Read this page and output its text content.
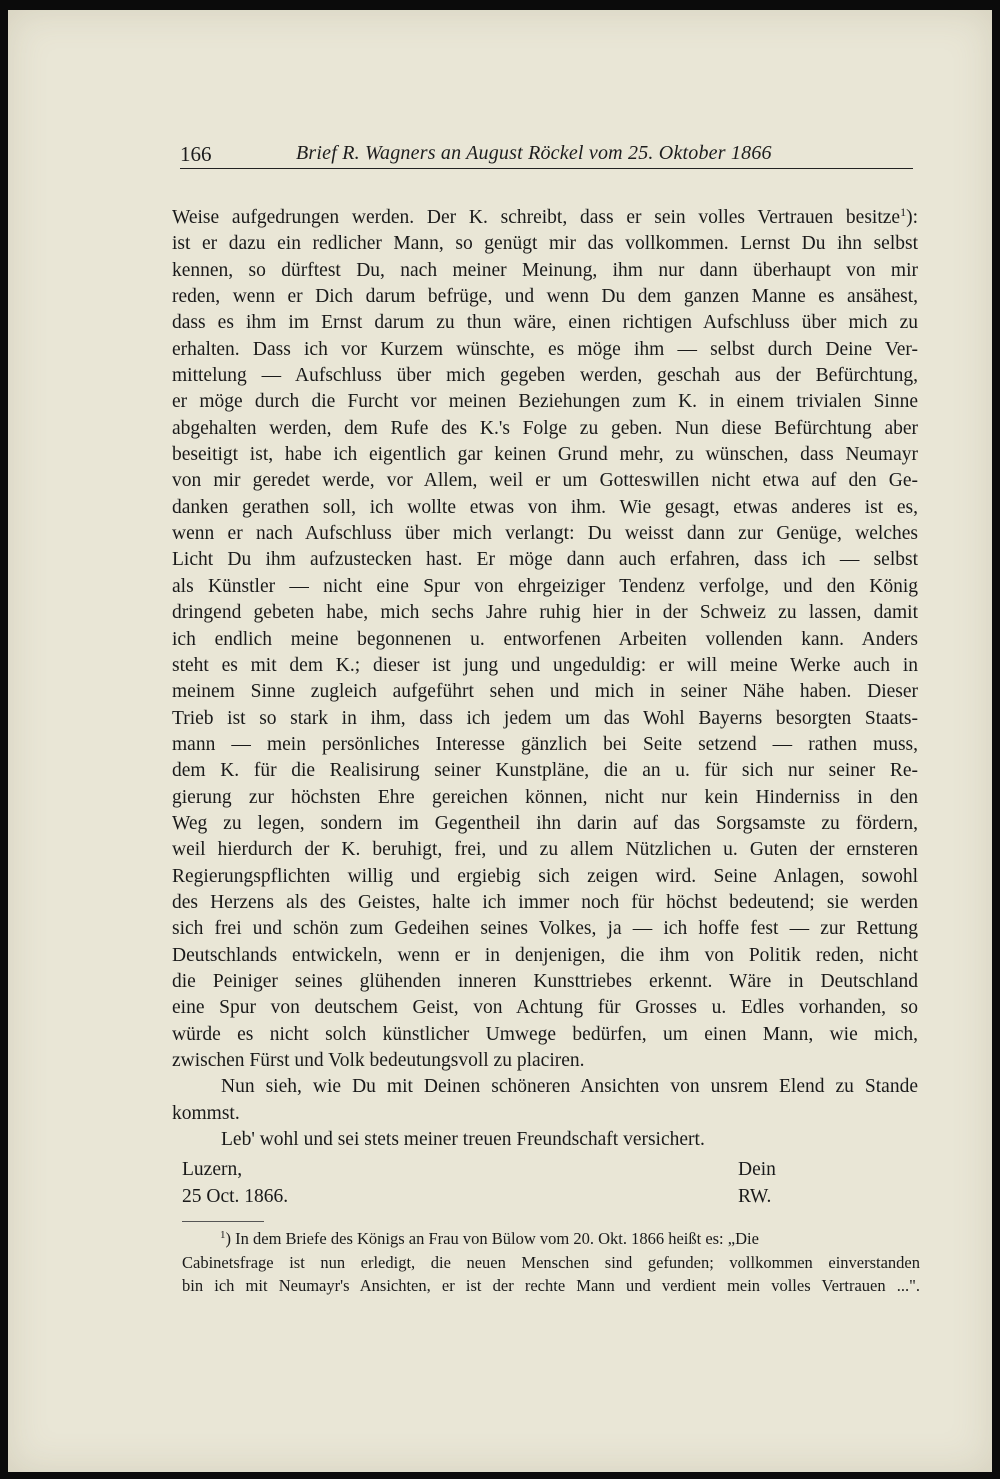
166	Brief R. Wagners an August Röckel vom 25. Oktober 1866
Weise aufgedrungen werden. Der K. schreibt, dass er sein volles Vertrauen besitze$^1$):
ist er dazu ein redlicher Mann, so genügt mir das vollkommen. Lernst Du ihn selbst
kennen, so dürftest Du, nach meiner Meinung, ihm nur dann überhaupt von mir
reden, wenn er Dich darum befrüge, und wenn Du dem ganzen Manne es ansähest,
dass es ihm im Ernst darum zu thun wäre, einen richtigen Aufschluss über mich zu
erhalten. Dass ich vor Kurzem wünschte, es möge ihm — selbst durch Deine Ver-
mittelung — Aufschluss über mich gegeben werden, geschah aus der Befürchtung,
er möge durch die Furcht vor meinen Beziehungen zum K. in einem trivialen Sinne
abgehalten werden, dem Rufe des K.'s Folge zu geben. Nun diese Befürchtung aber
beseitigt ist, habe ich eigentlich gar keinen Grund mehr, zu wünschen, dass Neumayr
von mir geredet werde, vor Allem, weil er um Gotteswillen nicht etwa auf den Ge-
danken gerathen soll, ich wollte etwas von ihm. Wie gesagt, etwas anderes ist es,
wenn er nach Aufschluss über mich verlangt: Du weisst dann zur Genüge, welches
Licht Du ihm aufzustecken hast. Er möge dann auch erfahren, dass ich — selbst
als Künstler — nicht eine Spur von ehrgeiziger Tendenz verfolge, und den König
dringend gebeten habe, mich sechs Jahre ruhig hier in der Schweiz zu lassen, damit
ich endlich meine begonnenen u. entworfenen Arbeiten vollenden kann. Anders
steht es mit dem K.; dieser ist jung und ungeduldig: er will meine Werke auch in
meinem Sinne zugleich aufgeführt sehen und mich in seiner Nähe haben. Dieser
Trieb ist so stark in ihm, dass ich jedem um das Wohl Bayerns besorgten Staats-
mann — mein persönliches Interesse gänzlich bei Seite setzend — rathen muss,
dem K. für die Realisirung seiner Kunstpläne, die an u. für sich nur seiner Re-
gierung zur höchsten Ehre gereichen können, nicht nur kein Hinderniss in den
Weg zu legen, sondern im Gegentheil ihn darin auf das Sorgsamste zu fördern,
weil hierdurch der K. beruhigt, frei, und zu allem Nützlichen u. Guten der ernsteren
Regierungspflichten willig und ergiebig sich zeigen wird. Seine Anlagen, sowohl
des Herzens als des Geistes, halte ich immer noch für höchst bedeutend; sie werden
sich frei und schön zum Gedeihen seines Volkes, ja — ich hoffe fest — zur Rettung
Deutschlands entwickeln, wenn er in denjenigen, die ihm von Politik reden, nicht
die Peiniger seines glühenden inneren Kunsttriebes erkennt. Wäre in Deutschland
eine Spur von deutschem Geist, von Achtung für Grosses u. Edles vorhanden, so
würde es nicht solch künstlicher Umwege bedürfen, um einen Mann, wie mich,
zwischen Fürst und Volk bedeutungsvoll zu placiren.
Nun sieh, wie Du mit Deinen schöneren Ansichten von unsrem Elend zu Stande
kommst.
Leb' wohl und sei stets meiner treuen Freundschaft versichert.
Luzern,
25 Oct. 1866.
Dein
RW.
$^1$) In dem Briefe des Königs an Frau von Bülow vom 20. Okt. 1866 heißt es: „Die
Cabinetsfrage ist nun erledigt, die neuen Menschen sind gefunden; vollkommen einverstanden
bin ich mit Neumayr's Ansichten, er ist der rechte Mann und verdient mein volles Vertrauen ...".
